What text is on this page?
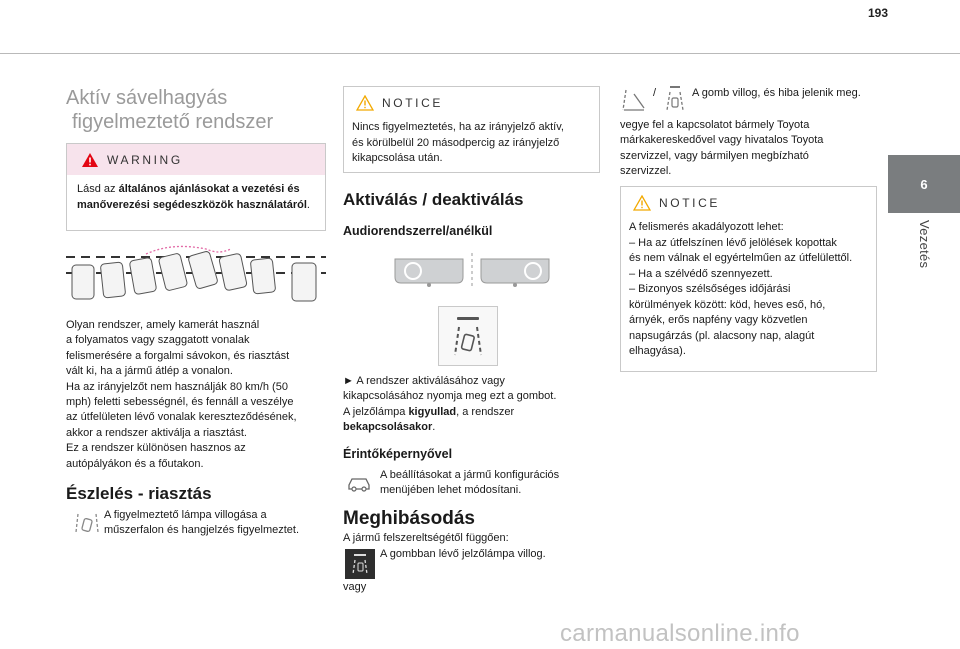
193
6
Vezetés
Aktív sávelhagyás
figyelmeztető rendszer
WARNING
Lásd az általános ajánlásokat a vezetési és manőverezési segédeszközök használatáról.
Olyan rendszer, amely kamerát használ
a folyamatos vagy szaggatott vonalak
felismerésére a forgalmi sávokon, és riasztást
vált ki, ha a jármű átlép a vonalon.
Ha az irányjelzőt nem használják 80 km/h (50
mph) feletti sebességnél, és fennáll a veszélye
az útfelületen lévő vonalak kereszteződésének,
akkor a rendszer aktiválja a riasztást.
Ez a rendszer különösen hasznos az
autópályákon és a főutakon.
Észlelés - riasztás
A figyelmeztető lámpa villogása a
műszerfalon és hangjelzés figyelmeztet.
NOTICE
Nincs figyelmeztetés, ha az irányjelző aktív,
és körülbelül 20 másodpercig az irányjelző
kikapcsolása után.
Aktiválás / deaktiválás
Audiorendszerrel/anélkül
► A rendszer aktiválásához vagy
kikapcsolásához nyomja meg ezt a gombot.
A jelzőlámpa kigyullad, a rendszer
bekapcsolásakor.
Érintőképernyővel
A beállításokat a jármű konfigurációs
menüjében lehet módosítani.
Meghibásodás
A jármű felszereltségétől függően:
A gombban lévő jelzőlámpa villog.
vagy
/	A gomb villog, és hiba jelenik meg.
vegye fel a kapcsolatot bármely Toyota
márkakereskedővel vagy hivatalos Toyota
szervizzel, vagy bármilyen megbízható
szervizzel.
NOTICE
A felismerés akadályozott lehet:
– Ha az útfelszínen lévő jelölések kopottak
és nem válnak el egyértelműen az útfelülettől.
– Ha a szélvédő szennyezett.
– Bizonyos szélsőséges időjárási
körülmények között: köd, heves eső, hó,
árnyék, erős napfény vagy közvetlen
napsugárzás (pl. alacsony nap, alagút
elhagyása).
carmanualsonline.info
